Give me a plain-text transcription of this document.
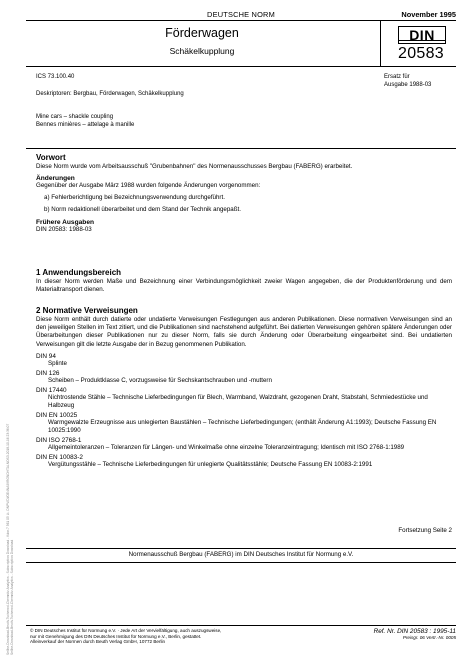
Sellhe-Download-Beuth-Tschernol-Chemnitz Analytics - Subscription Download - Kdnr.7 561 05 Lt. DNPV/Dl/OE4NA99RGNDHTALNOS3-2018-10-16 23:36:07 Sellhe-Download-Beuth-Tschernol-Chemnitz Analytics - Subscription Download
DEUTSCHE NORM	November 1995
Förderwagen
Schäkelkupplung
DIN
20583
ICS 73.100.40
Deskriptoren: Bergbau, Förderwagen, Schäkelkupplung
Ersatz für
Ausgabe 1988-03
Mine cars – shackle coupling
Bennes minières – attelage à manille
Vorwort
Diese Norm wurde vom Arbeitsausschuß "Grubenbahnen" des Normenausschusses Bergbau (FABERG) erarbeitet.
Änderungen
Gegenüber der Ausgabe März 1988 wurden folgende Änderungen vorgenommen:
a) Fehlerberichtigung bei Bezeichnungsverwendung durchgeführt.
b) Norm redaktionell überarbeitet und dem Stand der Technik angepaßt.
Frühere Ausgaben
DIN 20583: 1988-03
1 Anwendungsbereich
In dieser Norm werden Maße und Bezeichnung einer Verbindungsmöglichkeit zweier Wagen angegeben, die der Produktenförderung und dem Materialtransport dienen.
2 Normative Verweisungen
Diese Norm enthält durch datierte oder undatierte Verweisungen Festlegungen aus anderen Publikationen. Diese normativen Verweisungen sind an den jeweiligen Stellen im Text zitiert, und die Publikationen sind nachstehend aufgeführt. Bei datierten Verweisungen gehören spätere Änderungen oder Überarbeitungen dieser Publikationen nur zu dieser Norm, falls sie durch Änderung oder Überarbeitung eingearbeitet sind. Bei undatierten Verweisungen gilt die letzte Ausgabe der in Bezug genommenen Publikation.
DIN 94
Splinte
DIN 126
Scheiben – Produktklasse C, vorzugsweise für Sechskantschrauben und -muttern
DIN 17440
Nichtrostende Stähle – Technische Lieferbedingungen für Blech, Warmband, Walzdraht, gezogenen Draht, Stabstahl, Schmiedestücke und Halbzeug
DIN EN 10025
Warmgewalzte Erzeugnisse aus unlegierten Baustählen – Technische Lieferbedingungen; (enthält Änderung A1:1993); Deutsche Fassung EN 10025:1990
DIN ISO 2768-1
Allgemeintoleranzen – Toleranzen für Längen- und Winkelmaße ohne einzelne Toleranzeintragung; Identisch mit ISO 2768-1:1989
DIN EN 10083-2
Vergütungsstähle – Technische Lieferbedingungen für unlegierte Qualitätsstähle; Deutsche Fassung EN 10083-2:1991
Fortsetzung Seite 2
Normenausschuß Bergbau (FABERG) im DIN Deutsches Institut für Normung e.V.
© DIN Deutsches Institut für Normung e.V. · Jede Art der Vervielfältigung, auch auszugsweise,
nur mit Genehmigung des DIN Deutsches Institut für Normung e.V., Berlin, gestattet.
Alleinverkauf der Normen durch Beuth Verlag GmbH, 10772 Berlin
Ref. Nr. DIN 20583 : 1995-11
Preisgr. 06 Vertr.-Nr. 0005
